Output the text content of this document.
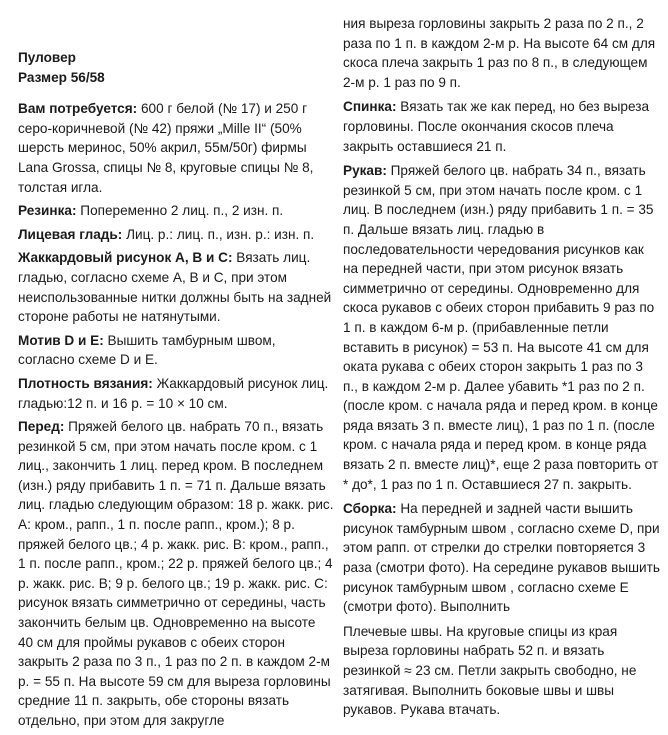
Пуловер
Размер 56/58

Вам потребуется: 600 г белой (№ 17) и 250 г серо-коричневой (№ 42) пряжи „Mille II“ (50% шерсть меринос, 50% акрил, 55м/50г) фирмы Lana Grossa, спицы № 8, круговые спицы № 8, толстая игла.

Резинка: Попеременно 2 лиц. п., 2 изн. п.

Лицевая гладь: Лиц. р.: лиц. п., изн. р.: изн. п.

Жаккардовый рисунок А, В и С: Вязать лиц. гладью, согласно схеме А, В и С, при этом неиспользованные нитки должны быть на задней стороне работы не натянутыми.

Мотив D и E: Вышить тамбурным швом, согласно схеме D и E.

Плотность вязания: Жаккардовый рисунок лиц. гладью:12 п. и 16 р. = 10 × 10 см.

Перед: Пряжей белого цв. набрать 70 п., вязать резинкой 5 см, при этом начать после кром. с 1 лиц., закончить 1 лиц. перед кром. В последнем (изн.) ряду прибавить 1 п. = 71 п. Дальше вязать лиц. гладью следующим образом: 18 р. жакк. рис. А: кром., рапп., 1 п. после рапп., кром.); 8 р. пряжей белого цв.; 4 р. жакк. рис. В: кром., рапп., 1 п. после рапп., кром.; 22 р. пряжей белого цв.; 4 р. жакк. рис. В; 9 р. белого цв.; 19 р. жакк. рис. С: рисунок вязать симметрично от середины, часть закончить белым цв. Одновременно на высоте 40 см для проймы рукавов с обеих сторон закрыть 2 раза по 3 п., 1 раз по 2 п. в каждом 2-м р. = 55 п. На высоте 59 см для выреза горловины средние 11 п. закрыть, обе стороны вязать отдельно, при этом для закругле

ния выреза горловины закрыть 2 раза по 2 п., 2 раза по 1 п. в каждом 2-м р. На высоте 64 см для скоса плеча закрыть 1 раз по 8 п., в следующем 2-м р. 1 раз по 9 п.

Спинка: Вязать так же как перед, но без выреза горловины. После окончания скосов плеча закрыть оставшиеся 21 п.

Рукав: Пряжей белого цв. набрать 34 п., вязать резинкой 5 см, при этом начать после кром. с 1 лиц. В последнем (изн.) ряду прибавить 1 п. = 35 п. Дальше вязать лиц. гладью в последовательности чередования рисунков как на передней части, при этом рисунок вязать симметрично от середины. Одновременно для скоса рукавов с обеих сторон прибавить 9 раз по 1 п. в каждом 6-м р. (прибавленные петли вставить в рисунок) = 53 п. На высоте 41 см для оката рукава с обеих сторон закрыть 1 раз по 3 п., в каждом 2-м р. Далее убавить *1 раз по 2 п. (после кром. с начала ряда и перед кром. в конце ряда вязать 3 п. вместе лиц), 1 раз по 1 п. (после кром. с начала ряда и перед кром. в конце ряда вязать 2 п. вместе лиц)*, еще 2 раза повторить от * до*, 1 раз по 1 п. Оставшиеся 27 п. закрыть.

Сборка: На передней и задней части вышить рисунок тамбурным швом , согласно схеме D, при этом рапп. от стрелки до стрелки повторяется 3 раза (смотри фото). На середине рукавов вышить рисунок тамбурным швом , согласно схеме E (смотри фото). Выполнить

Плечевые швы. На круговые спицы из края выреза горловины набрать 52 п. и вязать резинкой ≈ 23 см. Петли закрыть свободно, не затягивая. Выполнить боковые швы и швы рукавов. Рукава втачать.
